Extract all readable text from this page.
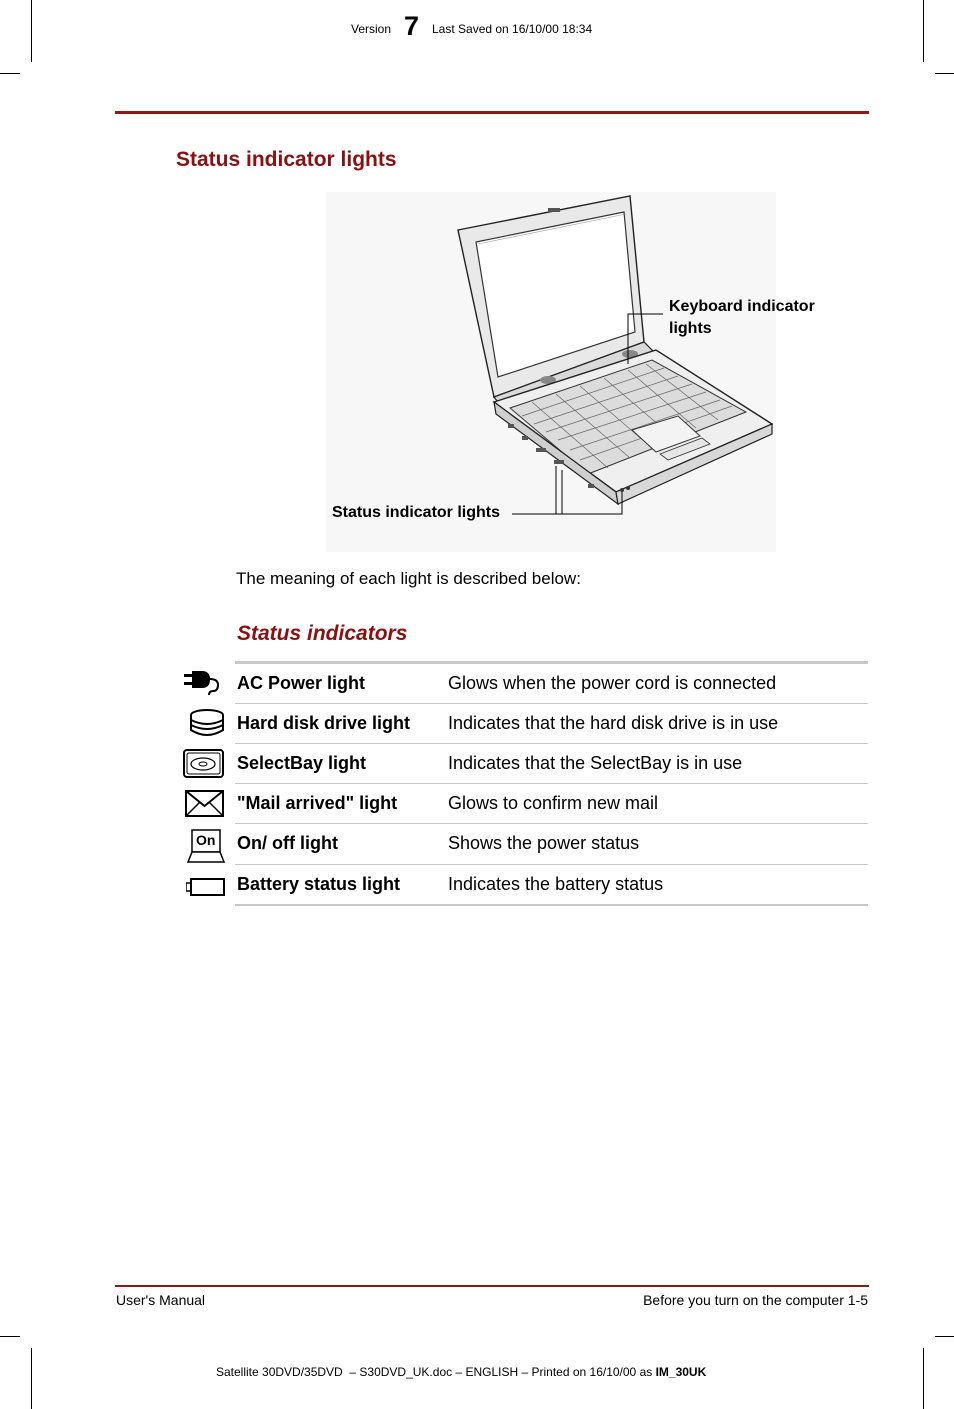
Version 7 Last Saved on 16/10/00 18:34
Status indicator lights
Keyboard indicator lights
Status indicator lights
The meaning of each light is described below:
Status indicators
AC Power light	Glows when the power cord is connected
Hard disk drive light Indicates that the hard disk drive is in use
SelectBay light	Indicates that the SelectBay is in use
"Mail arrived" light	Glows to confirm new mail
On On/ off light	Shows the power status
Battery status light	Indicates the battery status
User's Manual	Before you turn on the computer 1-5
Satellite 30DVD/35DVD  – S30DVD_UK.doc – ENGLISH – Printed on 16/10/00 as IM_30UK
